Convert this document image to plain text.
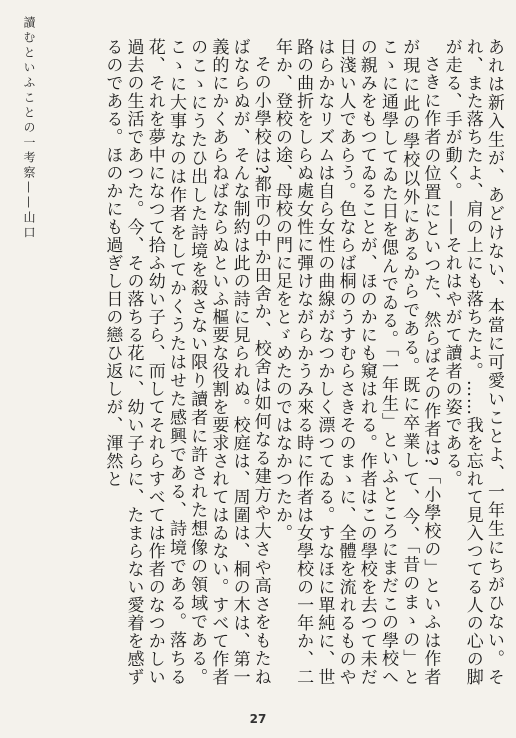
讀むといふことの一考察——山口	あれは新入生が、あどけない、本當に可愛いことよ、一年生にちがひない。それ、また落ちたよ、肩の上にも落ちたよ。……我を忘れて見入つてる人の心の脚が走る、手が動く。——それはやがて讀者の姿である。

さきに作者の位置にといつた、然らばその作者は?「小學校の」といふは作者が現に此の學校以外にあるからである。既に卒業して、今、「昔のまゝの」とこゝに通學してゐた日を偲んでゐる。「一年生」といふところにまだこの學校への親みをもつてゐることが、ほのかにも窺はれる。作者はこの學校を去つて未だ日淺い人であらう。色ならば桐のうすむらさきそのまゝに、全體を流れるものやはらかなリズムは自ら女性の曲線がなつかしく漂つてゐる。すなほに單純に、世路の曲折をしらぬ處女性に彈けながらかうみ來る時に作者は女學校の一年か、二年か、登校の途、母校の門に足をとゞめたのではなかつたか。

その小學校は?都市の中か田舍か、校舍は如何なる建方や大さや高さをもたねばならぬが、そんな制約は此の詩に見られぬ。校庭は、周圍は、桐の木は、第一義的にかくあらねばならぬといふ樞要な役割を要求されてはゐない。すべて作者のこゝにうたひ出した詩境を殺さない限り讀者に許された想像の領域である。こゝに大事なのは作者をしてかくうたはせた感興である、詩境である。落ちる花、それを夢中になつて拾ふ幼い子ら、而してそれらすべては作者のなつかしい過去の生活であつた。今、その落ちる花に、幼い子らに、たまらない愛着を感ずるのである。ほのかにも過ぎし日の戀ひ返しが、渾然と

27
